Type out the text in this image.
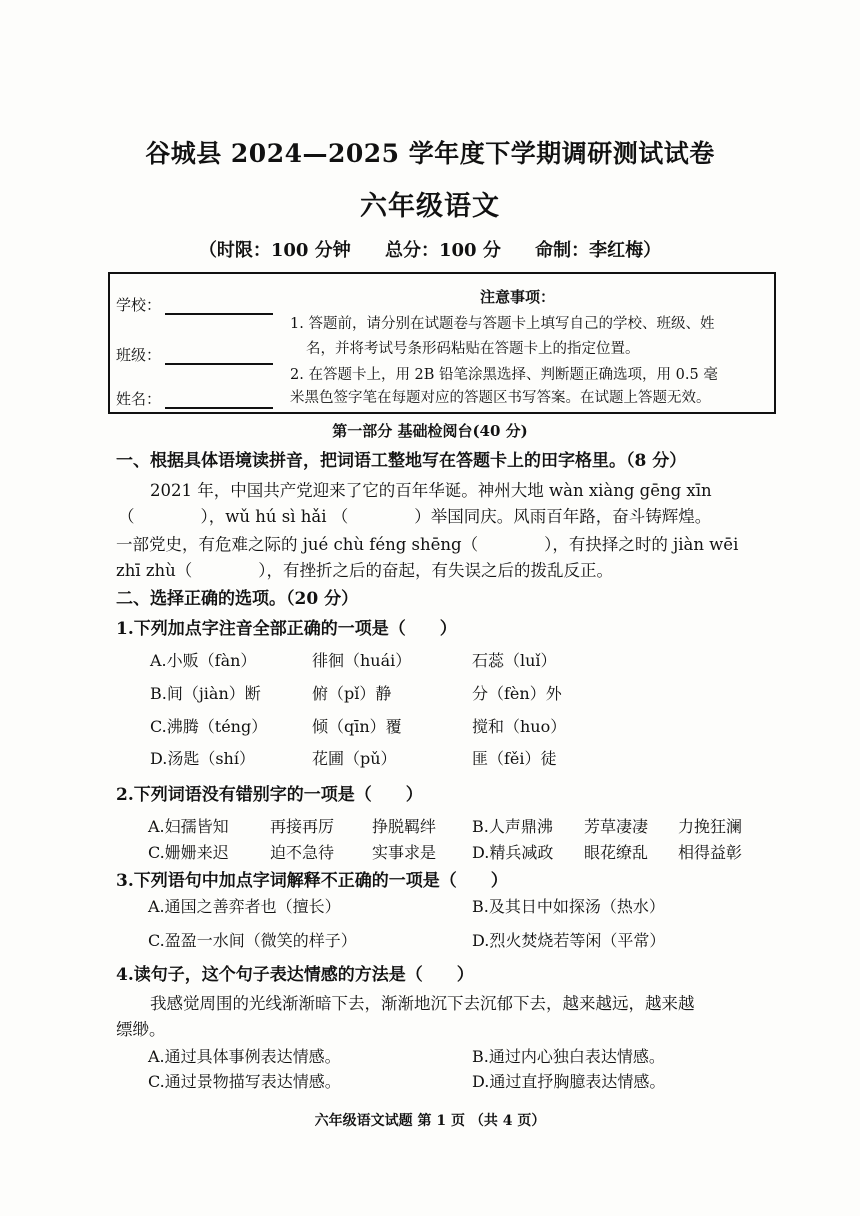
谷城县 2024—2025 学年度下学期调研测试试卷
六年级语文
（时限：100 分钟 总分：100 分 命制：李红梅）
学校：
班级：
姓名：
注意事项：
1. 答题前，请分别在试题卷与答题卡上填写自己的学校、班级、姓
名，并将考试号条形码粘贴在答题卡上的指定位置。
2. 在答题卡上，用 2B 铅笔涂黑选择、判断题正确选项，用 0.5 毫
米黑色签字笔在每题对应的答题区书写答案。在试题上答题无效。
第一部分 基础检阅台(40 分)
一、根据具体语境读拼音，把词语工整地写在答题卡上的田字格里。（8 分）
2021 年，中国共产党迎来了它的百年华诞。神州大地 wàn xiàng gēng xīn
（　　　　），wǔ hú sì hǎi （　　　　）举国同庆。风雨百年路，奋斗铸辉煌。
一部党史，有危难之际的 jué chù féng shēng（　　　　），有抉择之时的 jiàn wēi
zhī zhù（　　　　），有挫折之后的奋起，有失误之后的拨乱反正。
二、选择正确的选项。（20 分）
1.下列加点字注音全部正确的一项是（　　）
A.小贩（fàn）	徘徊（huái）	石蕊（luǐ）
B.间（jiàn）断	俯（pǐ）静	分（fèn）外
C.沸腾（téng）	倾（qīn）覆	搅和（huo）
D.汤匙（shí）	花圃（pǔ）	匪（fěi）徒
2.下列词语没有错别字的一项是（　　）
A.妇孺皆知	再接再厉 挣脱羁绊 B.人声鼎沸 芳草凄凄 力挽狂澜
C.姗姗来迟	迫不急待 实事求是 D.精兵减政 眼花缭乱 相得益彰
3.下列语句中加点字词解释不正确的一项是（　　）
A.通国之善弈者也（擅长）	B.及其日中如探汤（热水）
C.盈盈一水间（微笑的样子）	D.烈火焚烧若等闲（平常）
4.读句子，这个句子表达情感的方法是（　　）
我感觉周围的光线渐渐暗下去，渐渐地沉下去沉郁下去，越来越远，越来越
缥缈。
A.通过具体事例表达情感。	B.通过内心独白表达情感。
C.通过景物描写表达情感。	D.通过直抒胸臆表达情感。
六年级语文试题 第 1 页 （共 4 页）
